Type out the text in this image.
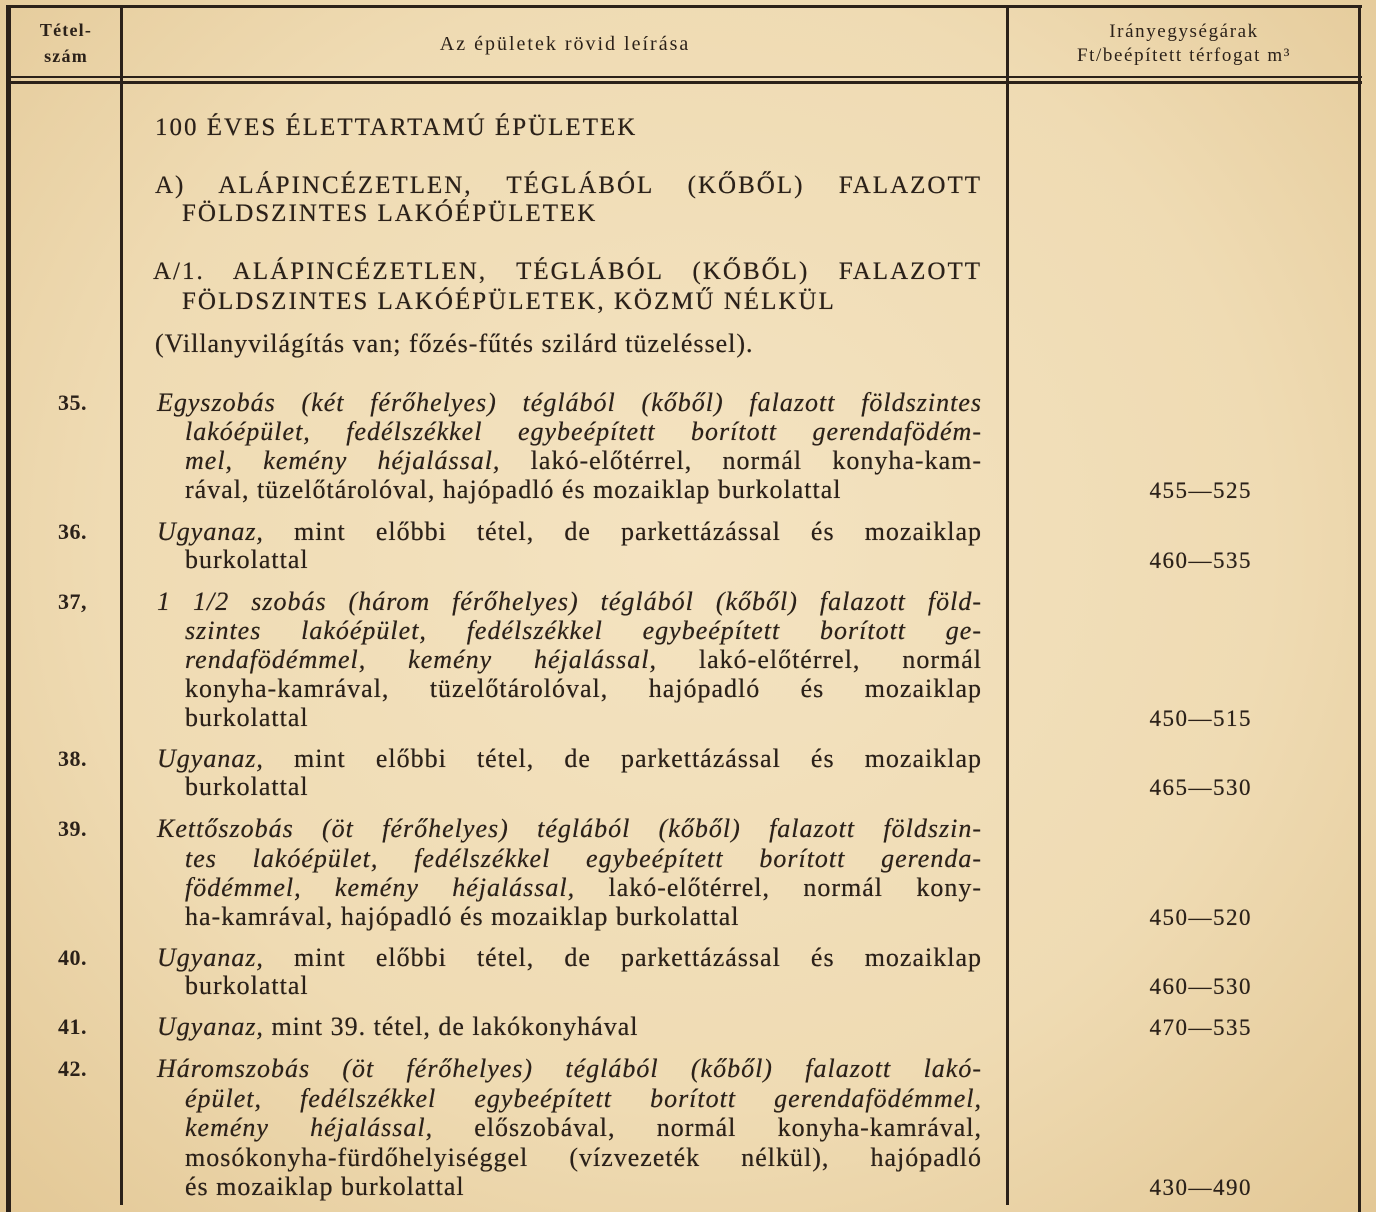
Tétel-
szám
Az épületek rövid leírása
Irányegységárak
Ft/beépített térfogat m³
100 ÉVES ÉLETTARTAMÚ ÉPÜLETEK
A) ALÁPINCÉZETLEN, TÉGLÁBÓL (KŐBŐL) FALAZOTT
FÖLDSZINTES LAKÓÉPÜLETEK
A/1. ALÁPINCÉZETLEN, TÉGLÁBÓL (KŐBŐL) FALAZOTT
FÖLDSZINTES LAKÓÉPÜLETEK, KÖZMŰ NÉLKÜL
(Villanyvilágítás van; főzés-fűtés szilárd tüzeléssel).
35.	Egyszobás (két férőhelyes) téglából (kőből) falazott földszintes
lakóépület, fedélszékkel egybeépített borított gerendafödém-
mel, kemény héjalással, lakó-előtérrel, normál konyha-kam-
rával, tüzelőtárolóval, hajópadló és mozaiklap burkolattal	455—525
36.	Ugyanaz, mint előbbi tétel, de parkettázással és mozaiklap
burkolattal	460—535
37,	1 1/2 szobás (három férőhelyes) téglából (kőből) falazott föld-
szintes lakóépület, fedélszékkel egybeépített borított ge-
rendafödémmel, kemény héjalással, lakó-előtérrel, normál
konyha-kamrával, tüzelőtárolóval, hajópadló és mozaiklap
burkolattal	450—515
38.	Ugyanaz, mint előbbi tétel, de parkettázással és mozaiklap
burkolattal	465—530
39.	Kettőszobás (öt férőhelyes) téglából (kőből) falazott földszin-
tes lakóépület, fedélszékkel egybeépített borított gerenda-
födémmel, kemény héjalással, lakó-előtérrel, normál kony-
ha-kamrával, hajópadló és mozaiklap burkolattal	450—520
40.	Ugyanaz, mint előbbi tétel, de parkettázással és mozaiklap
burkolattal	460—530
41.	Ugyanaz, mint 39. tétel, de lakókonyhával	470—535
42.	Háromszobás (öt férőhelyes) téglából (kőből) falazott lakó-
épület, fedélszékkel egybeépített borított gerendafödémmel,
kemény héjalással, előszobával, normál konyha-kamrával,
mosókonyha-fürdőhelyiséggel (vízvezeték nélkül), hajópadló
és mozaiklap burkolattal	430—490
